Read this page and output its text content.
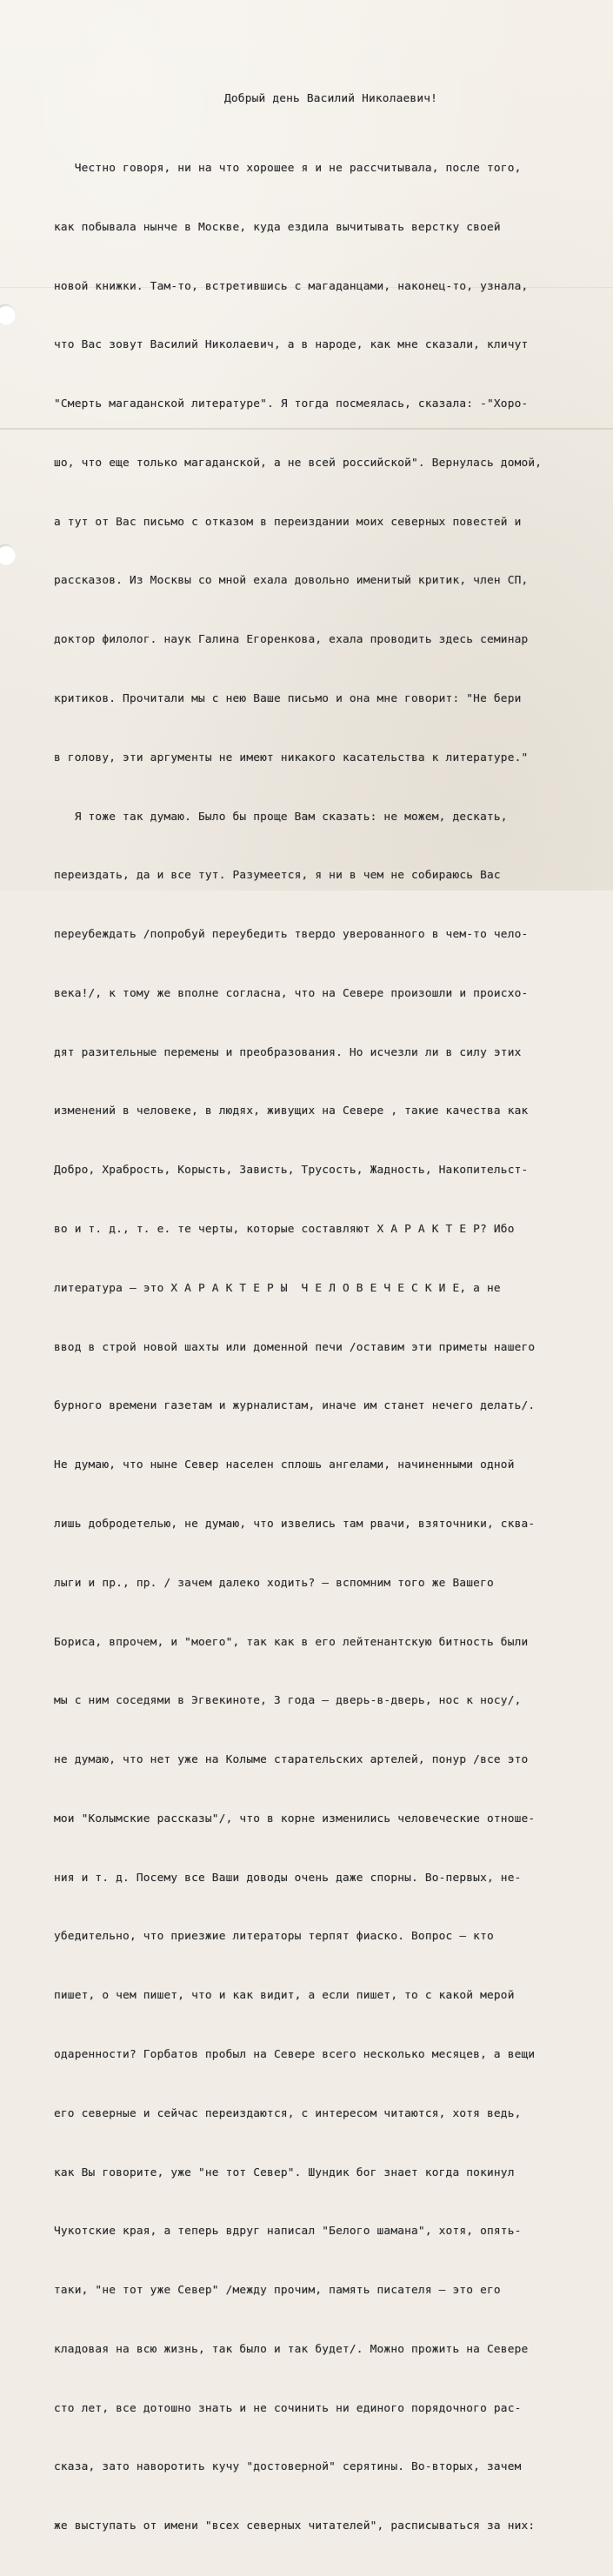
Добрый день Василий Николаевич!

Честно говоря, ни на что хорошее я и не рассчитывала, после того,

как побывала нынче в Москве, куда ездила вычитывать верстку своей

новой книжки. Там-то, встретившись с магаданцами, наконец-то, узнала,

что Вас зовут Василий Николаевич, а в народе, как мне сказали, кличут

"Смерть магаданской литературе". Я тогда посмеялась, сказала: -"Хоро-

шо, что еще только магаданской, а не всей российской". Вернулась домой,

а тут от Вас письмо с отказом в переиздании моих северных повестей и

рассказов. Из Москвы со мной ехала довольно именитый критик, член СП,

доктор филолог. наук Галина Егоренкова, ехала проводить здесь семинар

критиков. Прочитали мы с нею Ваше письмо и она мне говорит: "Не бери

в голову, эти аргументы не имеют никакого касательства к литературе."

Я тоже так думаю. Было бы проще Вам сказать: не можем, дескать,

переиздать, да и все тут. Разумеется, я ни в чем не собираюсь Вас

переубеждать /попробуй переубедить твердо уверованного в чем-то чело-

века!/, к тому же вполне согласна, что на Севере произошли и происхо-

дят разительные перемены и преобразования. Но исчезли ли в силу этих

изменений в человеке, в людях, живущих на Севере , такие качества как

Добро, Храбрость, Корысть, Зависть, Трусость, Жадность, Накопительст-

во и т. д., т. е. те черты, которые составляют Х А Р А К Т Е Р? Ибо

литература — это Х А Р А К Т Е Р Ы  Ч Е Л О В Е Ч Е С К И Е, а не

ввод в строй новой шахты или доменной печи /оставим эти приметы нашего

бурного времени газетам и журналистам, иначе им станет нечего делать/.

Не думаю, что ныне Север населен сплошь ангелами, начиненными одной

лишь добродетелью, не думаю, что извелись там рвачи, взяточники, сква-

лыги и пр., пр. / зачем далеко ходить? — вспомним того же Вашего

Бориса, впрочем, и "моего", так как в его лейтенантскую битность были

мы с ним соседями в Эгвекиноте, 3 года — дверь-в-дверь, нос к носу/,

не думаю, что нет уже на Колыме старательских артелей, понур /все это

мои "Колымские рассказы"/, что в корне изменились человеческие отноше-

ния и т. д. Посему все Ваши доводы очень даже спорны. Во-первых, не-

убедительно, что приезжие литераторы терпят фиаско. Вопрос — кто

пишет, о чем пишет, что и как видит, а если пишет, то с какой мерой

одаренности? Горбатов пробыл на Севере всего несколько месяцев, а вещи

его северные и сейчас переиздаются, с интересом читаются, хотя ведь,

как Вы говорите, уже "не тот Север". Шундик бог знает когда покинул

Чукотские края, а теперь вдруг написал "Белого шамана", хотя, опять-

таки, "не тот уже Север" /между прочим, память писателя — это его

кладовая на всю жизнь, так было и так будет/. Можно прожить на Севере

сто лет, все дотошно знать и не сочинить ни единого порядочного рас-

сказа, зато наворотить кучу "достоверной" серятины. Во-вторых, зачем

же выступать от имени "всех северных читателей", расписываться за них:
